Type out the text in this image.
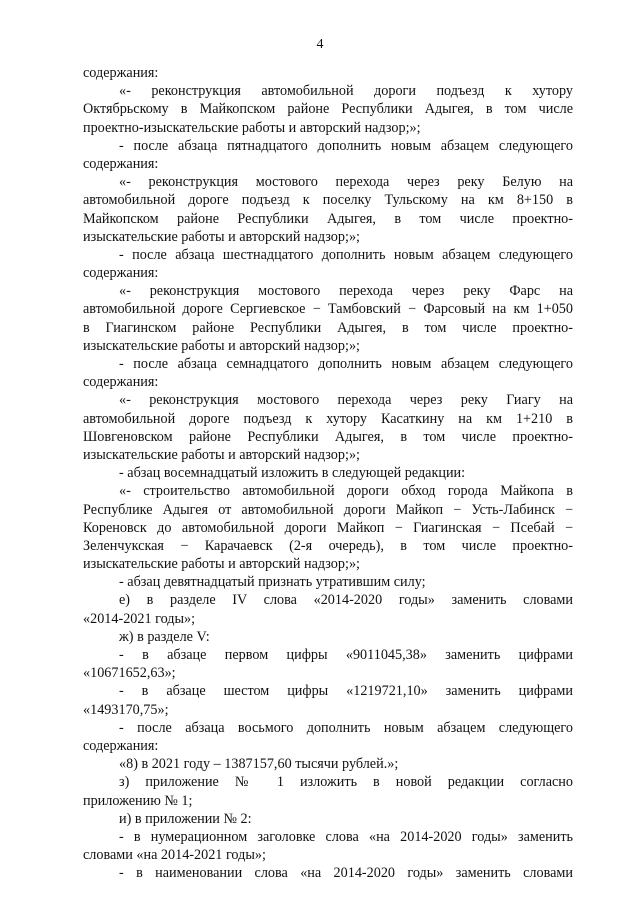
4
содержания:
«- реконструкция автомобильной дороги подъезд к хутору
Октябрьскому в Майкопском районе Республики Адыгея, в том числе
проектно-изыскательские работы и авторский надзор;»;
- после абзаца пятнадцатого дополнить новым абзацем следующего
содержания:
«- реконструкция мостового перехода через реку Белую на
автомобильной дороге подъезд к поселку Тульскому на км 8+150 в
Майкопском районе Республики Адыгея, в том числе проектно-
изыскательские работы и авторский надзор;»;
- после абзаца шестнадцатого дополнить новым абзацем следующего
содержания:
«- реконструкция мостового перехода через реку Фарс на
автомобильной дороге Сергиевское − Тамбовский − Фарсовый на км 1+050
в Гиагинском районе Республики Адыгея, в том числе проектно-
изыскательские работы и авторский надзор;»;
- после абзаца семнадцатого дополнить новым абзацем следующего
содержания:
«- реконструкция мостового перехода через реку Гиагу на
автомобильной дороге подъезд к хутору Касаткину на км 1+210 в
Шовгеновском районе Республики Адыгея, в том числе проектно-
изыскательские работы и авторский надзор;»;
- абзац восемнадцатый изложить в следующей редакции:
«- строительство автомобильной дороги обход города Майкопа в
Республике Адыгея от автомобильной дороги Майкоп − Усть-Лабинск −
Кореновск до автомобильной дороги Майкоп − Гиагинская − Псебай −
Зеленчукская − Карачаевск (2-я очередь), в том числе проектно-
изыскательские работы и авторский надзор;»;
- абзац девятнадцатый признать утратившим силу;
е) в разделе IV слова «2014-2020 годы» заменить словами
«2014-2021 годы»;
ж) в разделе V:
- в абзаце первом цифры «9011045,38» заменить цифрами
«10671652,63»;
- в абзаце шестом цифры «1219721,10» заменить цифрами
«1493170,75»;
- после абзаца восьмого дополнить новым абзацем следующего
содержания:
«8) в 2021 году – 1387157,60 тысячи рублей.»;
з) приложение № 1 изложить в новой редакции согласно
приложению № 1;
и) в приложении № 2:
- в нумерационном заголовке слова «на 2014-2020 годы» заменить
словами «на 2014-2021 годы»;
- в наименовании слова «на 2014-2020 годы» заменить словами
